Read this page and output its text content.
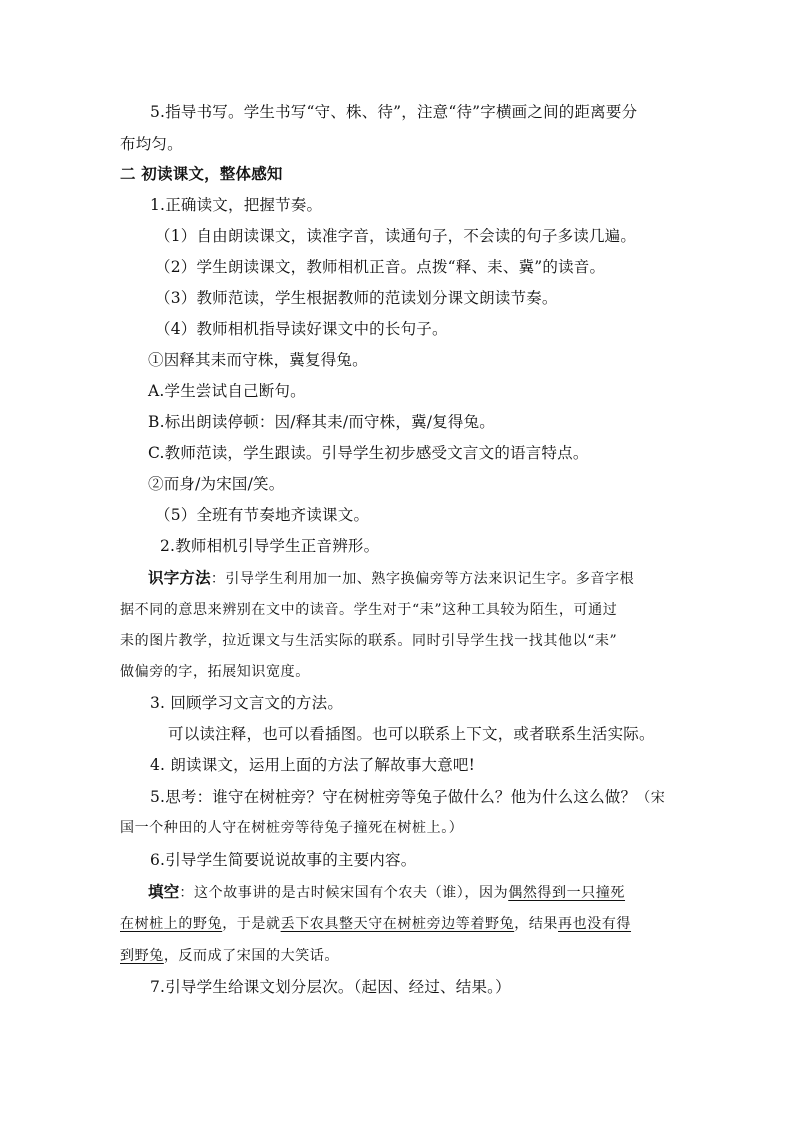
5.指导书写。学生书写“守、株、待”，注意“待”字横画之间的距离要分
布均匀。
二 初读课文，整体感知
1.正确读文，把握节奏。
（1）自由朗读课文，读准字音，读通句子，不会读的句子多读几遍。
（2）学生朗读课文，教师相机正音。点拨“释、耒、冀”的读音。
（3）教师范读，学生根据教师的范读划分课文朗读节奏。
（4）教师相机指导读好课文中的长句子。
①因释其耒而守株，冀复得兔。
A.学生尝试自己断句。
B.标出朗读停顿：因/释其耒/而守株，冀/复得兔。
C.教师范读，学生跟读。引导学生初步感受文言文的语言特点。
②而身/为宋国/笑。
（5）全班有节奏地齐读课文。
2.教师相机引导学生正音辨形。
识字方法：引导学生利用加一加、熟字换偏旁等方法来识记生字。多音字根
据不同的意思来辨别在文中的读音。学生对于“耒”这种工具较为陌生，可通过
耒的图片教学，拉近课文与生活实际的联系。同时引导学生找一找其他以“耒”
做偏旁的字，拓展知识宽度。
3. 回顾学习文言文的方法。
可以读注释，也可以看插图。也可以联系上下文，或者联系生活实际。
4. 朗读课文，运用上面的方法了解故事大意吧!
5.思考：谁守在树桩旁？守在树桩旁等兔子做什么？他为什么这么做？（宋
国一个种田的人守在树桩旁等待兔子撞死在树桩上。）
6.引导学生简要说说故事的主要内容。
填空：这个故事讲的是古时候宋国有个农夫（谁），因为偶然得到一只撞死
在树桩上的野兔，于是就丢下农具整天守在树桩旁边等着野兔，结果再也没有得
到野兔，反而成了宋国的大笑话。
7.引导学生给课文划分层次。（起因、经过、结果。）
